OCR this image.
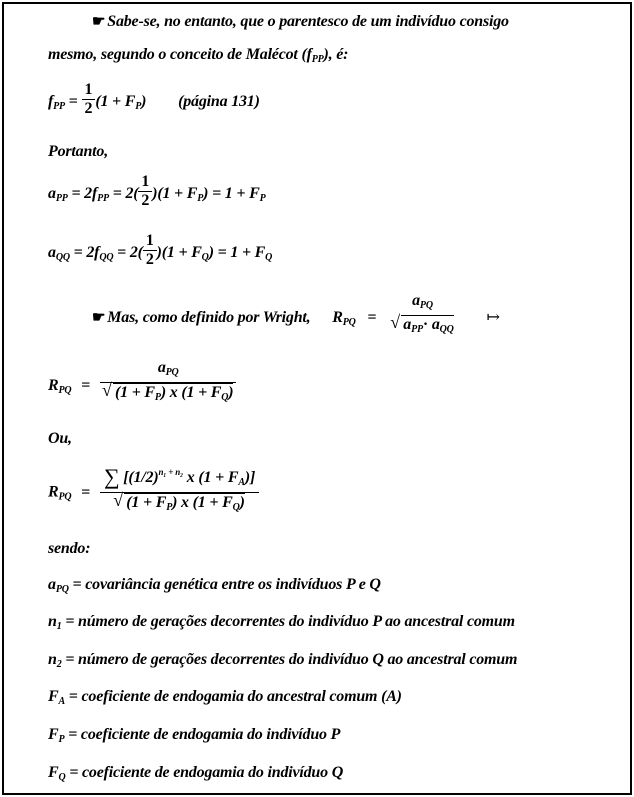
☛ Sabe-se, no entanto, que o parentesco de um indivíduo consigo
mesmo, segundo o conceito de Malécot $(f_{PP})$, é:
$f_{PP} = \frac{1}{2} (1 + F_P)$ (página 131)
Portanto,
$a_{PP} = 2f_{PP} = 2( \frac{1}{2} )(1 + F_P) = 1 + F_P$
$a_{QQ} = 2f_{QQ} = 2( \frac{1}{2} )(1 + F_Q) = 1 + F_Q$
☛ Mas, como definido por Wright, $R_{PQ}$ =
$a_{PQ}$
√ $a_{PP}\cdot a_{QQ}$
↦
$R_{PQ} = a_{PQ}$
√ $(1 + F_P)$ x $(1 + F_Q)$
Ou,
$R_{PQ}$ = ∑ [$(1/2)^{n_1 + n_2}$ x $(1 + F_A)$]
√ $(1 + F_P)$ x $(1 + F_Q)$
sendo:
$a_{PQ}$ = covariância genética entre os indivíduos P e Q
$n_1$ = número de gerações decorrentes do indivíduo P ao ancestral comum
$n_2$ = número de gerações decorrentes do indivíduo Q ao ancestral comum
$F_A$ = coeficiente de endogamia do ancestral comum (A)
$F_P$ = coeficiente de endogamia do indivíduo P
$F_Q$ = coeficiente de endogamia do indivíduo Q
